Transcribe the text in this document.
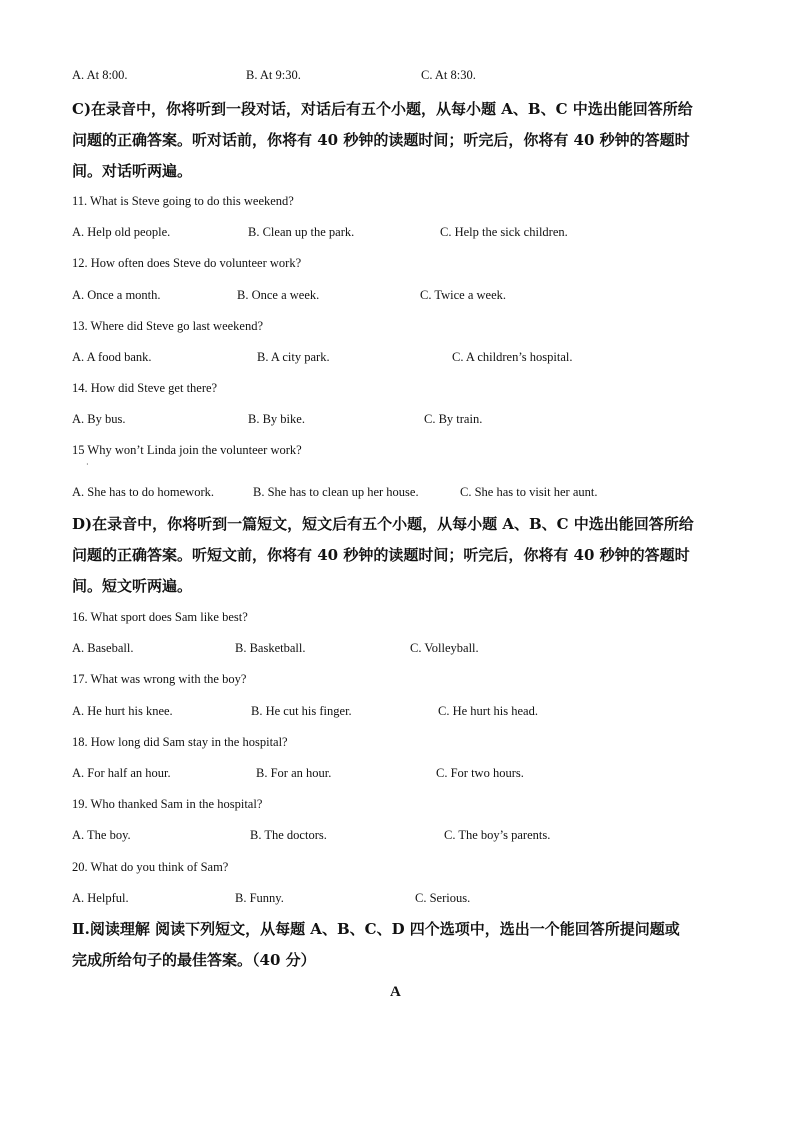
A. At 8:00.	B. At 9:30.	C. At 8:30.
C)在录音中，你将听到一段对话，对话后有五个小题，从每小题 A、B、C 中选出能回答所给
问题的正确答案。听对话前，你将有 40 秒钟的读题时间；听完后，你将有 40 秒钟的答题时
间。对话听两遍。
11. What is Steve going to do this weekend?
A. Help old people.	B. Clean up the park.	C. Help the sick children.
12. How often does Steve do volunteer work?
A. Once a month.	B. Once a week.	C. Twice a week.
13. Where did Steve go last weekend?
A. A food bank.	B. A city park.	C. A children’s hospital.
14. How did Steve get there?
A. By bus.	B. By bike.	C. By train.
15 Why won’t Linda join the volunteer work?
·
A. She has to do homework.	B. She has to clean up her house.	C. She has to visit her aunt.
D)在录音中，你将听到一篇短文，短文后有五个小题，从每小题 A、B、C 中选出能回答所给
问题的正确答案。听短文前，你将有 40 秒钟的读题时间；听完后，你将有 40 秒钟的答题时
间。短文听两遍。
16. What sport does Sam like best?
A. Baseball.	B. Basketball.	C. Volleyball.
17. What was wrong with the boy?
A. He hurt his knee.	B. He cut his finger.	C. He hurt his head.
18. How long did Sam stay in the hospital?
A. For half an hour.	B. For an hour.	C. For two hours.
19. Who thanked Sam in the hospital?
A. The boy.	B. The doctors.	C. The boy’s parents.
20. What do you think of Sam?
A. Helpful.	B. Funny.	C. Serious.
Ⅱ.阅读理解 阅读下列短文，从每题 A、B、C、D 四个选项中，选出一个能回答所提问题或
完成所给句子的最佳答案。（40 分）
A
